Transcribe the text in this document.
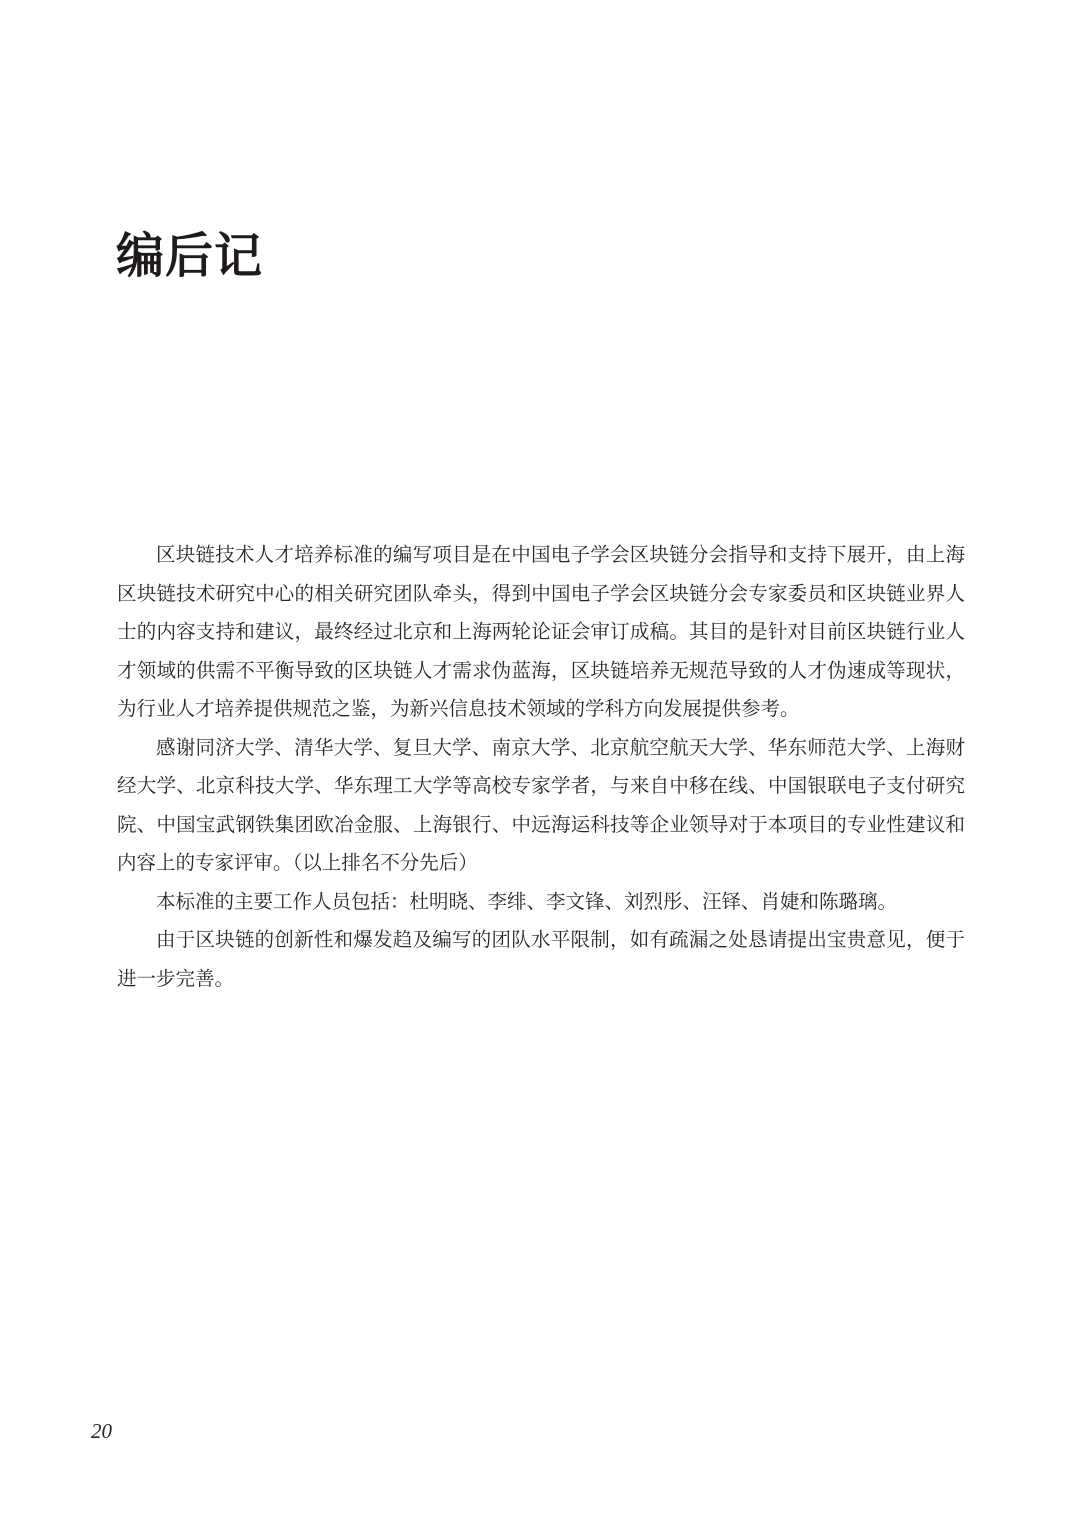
编后记

区块链技术人才培养标准的编写项目是在中国电子学会区块链分会指导和支持下展开，由上海区块链技术研究中心的相关研究团队牵头，得到中国电子学会区块链分会专家委员和区块链业界人士的内容支持和建议，最终经过北京和上海两轮论证会审订成稿。其目的是针对目前区块链行业人才领域的供需不平衡导致的区块链人才需求伪蓝海，区块链培养无规范导致的人才伪速成等现状，为行业人才培养提供规范之鉴，为新兴信息技术领域的学科方向发展提供参考。

感谢同济大学、清华大学、复旦大学、南京大学、北京航空航天大学、华东师范大学、上海财经大学、北京科技大学、华东理工大学等高校专家学者，与来自中移在线、中国银联电子支付研究院、中国宝武钢铁集团欧冶金服、上海银行、中远海运科技等企业领导对于本项目的专业性建议和内容上的专家评审。（以上排名不分先后）

本标准的主要工作人员包括：杜明晓、李绯、李文锋、刘烈彤、汪铎、肖婕和陈璐璃。

由于区块链的创新性和爆发趋及编写的团队水平限制，如有疏漏之处恳请提出宝贵意见，便于进一步完善。

20
